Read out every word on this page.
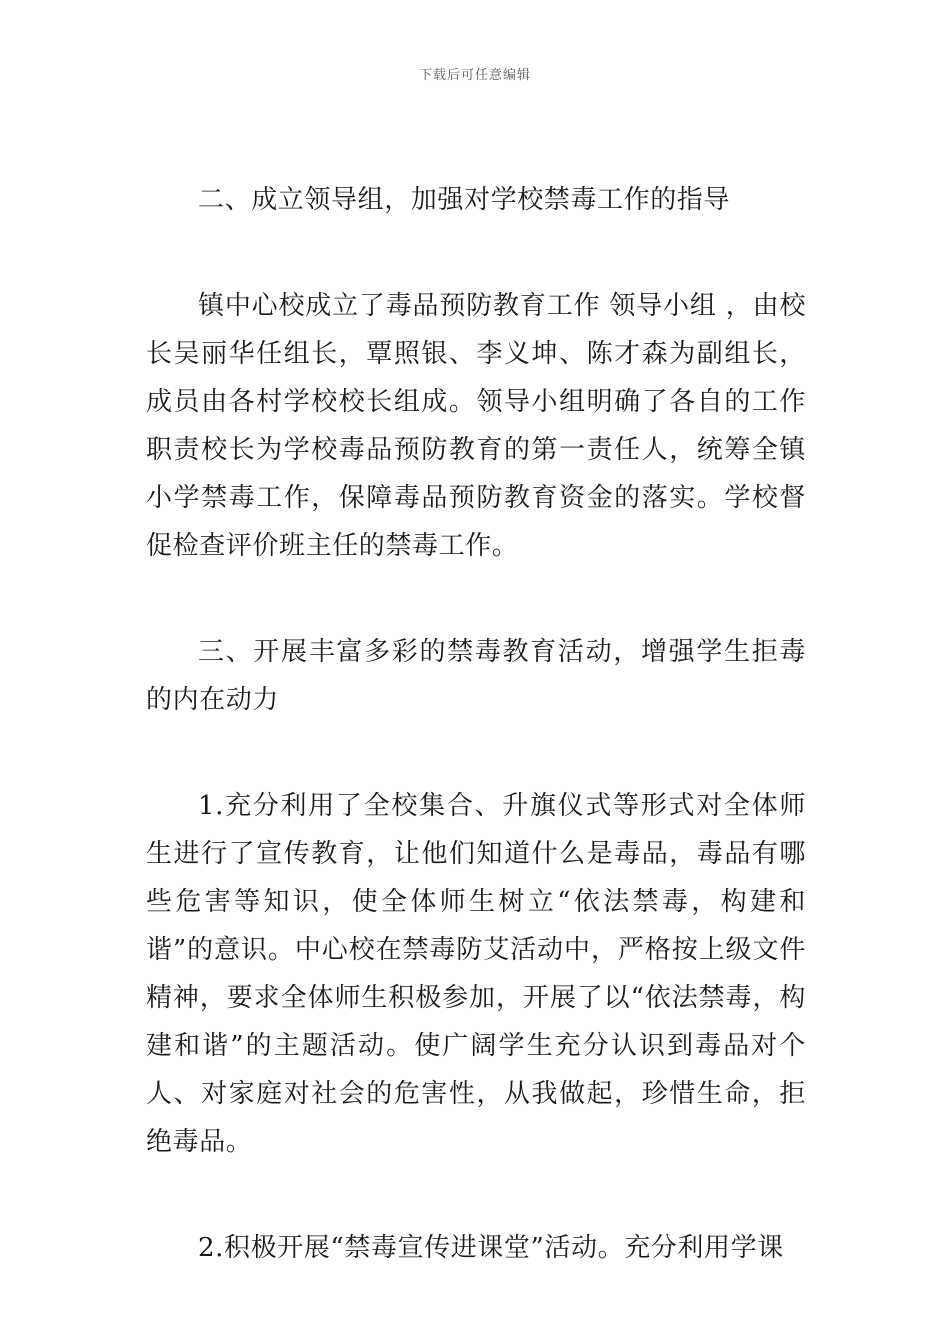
下载后可任意编辑

二、成立领导组，加强对学校禁毒工作的指导

镇中心校成立了毒品预防教育工作 领导小组 ，由校长吴丽华任组长，覃照银、李义坤、陈才森为副组长，成员由各村学校校长组成。领导小组明确了各自的工作职责校长为学校毒品预防教育的第一责任人，统筹全镇小学禁毒工作，保障毒品预防教育资金的落实。学校督促检查评价班主任的禁毒工作。

三、开展丰富多彩的禁毒教育活动，增强学生拒毒的内在动力

1.充分利用了全校集合、升旗仪式等形式对全体师生进行了宣传教育，让他们知道什么是毒品，毒品有哪些危害等知识，使全体师生树立“依法禁毒，构建和谐”的意识。中心校在禁毒防艾活动中，严格按上级文件精神，要求全体师生积极参加，开展了以“依法禁毒，构建和谐”的主题活动。使广阔学生充分认识到毒品对个人、对家庭对社会的危害性，从我做起，珍惜生命，拒绝毒品。

2.积极开展“禁毒宣传进课堂”活动。充分利用学课
